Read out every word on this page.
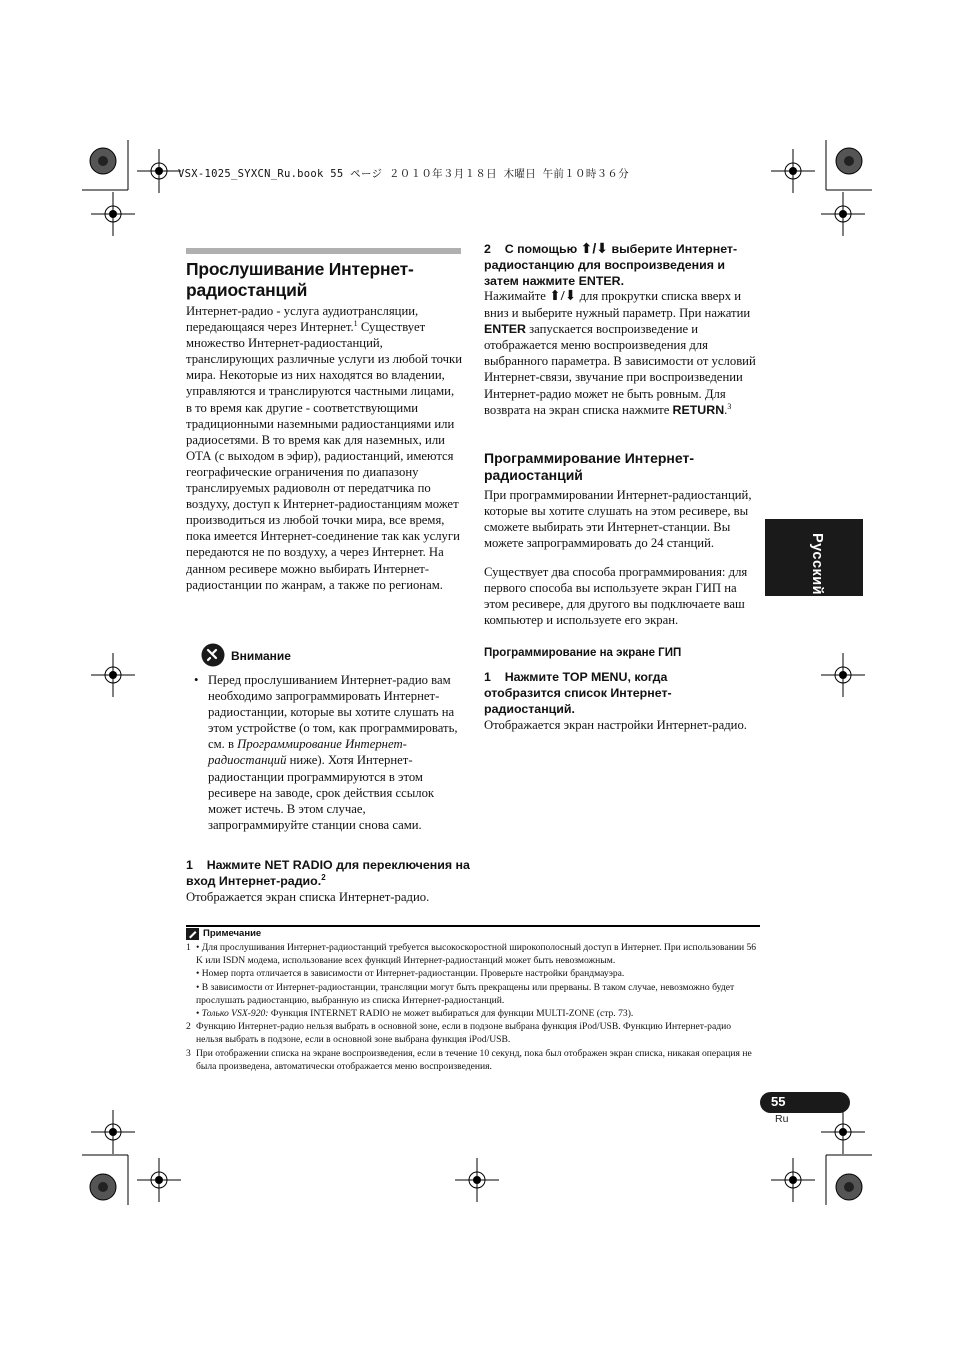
VSX-1025_SYXCN_Ru.book 55 ページ ２０１０年３月１８日 木曜日 午前１０時３６分
Прослушивание Интернет-
радиостанций

Интернет-радио - услуга аудиотрансляции, передающаяся через Интернет.$^1$ Существует множество Интернет-радиостанций, транслирующих различные услуги из любой точки мира. Некоторые из них находятся во владении, управляются и транслируются частными лицами, в то время как другие - соответствующими традиционными наземными радиостанциями или радиосетями. В то время как для наземных, или ОТА (с выходом в эфир), радиостанций, имеются географические ограничения по диапазону транслируемых радиоволн от передатчика по воздуху, доступ к Интернет-радиостанциям может производиться из любой точки мира, все время, пока имеется Интернет-соединение так как услуги передаются не по воздуху, а через Интернет. На данном ресивере можно выбирать Интернет-радиостанции по жанрам, а также по регионам.

Внимание
• Перед прослушиванием Интернет-радио вам необходимо запрограммировать Интернет-радиостанции, которые вы хотите слушать на этом устройстве (о том, как программировать, см. в Программирование Интернет-радиостанций ниже). Хотя Интернет-радиостанции программируются в этом ресивере на заводе, срок действия ссылок может истечь. В этом случае, запрограммируйте станции снова сами.
1 Нажмите NET RADIO для переключения на вход Интернет-радио.$^2$
Отображается экран списка Интернет-радио.
2 С помощью ⬆/⬇ выберите Интернет-радиостанцию для воспроизведения и затем нажмите ENTER.

Нажимайте ⬆/⬇ для прокрутки списка вверх и вниз и выберите нужный параметр. При нажатии ENTER запускается воспроизведение и отображается меню воспроизведения для выбранного параметра. В зависимости от условий Интернет-связи, звучание при воспроизведении Интернет-радио может не быть ровным. Для возврата на экран списка нажмите RETURN.$^3$

Программирование Интернет-радиостанций
При программировании Интернет-радиостанций, которые вы хотите слушать на этом ресивере, вы сможете выбирать эти Интернет-станции. Вы можете запрограммировать до 24 станций.
Существует два способа программирования: для первого способа вы используете экран ГИП на этом ресивере, для другого вы подключаете ваш компьютер и используете его экран.
Программирование на экране ГИП
1 Нажмите TOP MENU, когда отобразится список Интернет-радиостанций.
Отображается экран настройки Интернет-радио.
Русский
Примечание
1 • Для прослушивания Интернет-радиостанций требуется высокоскоростной широкополосный доступ в Интернет. При использовании 56 K или ISDN модема, использование всех функций Интернет-радиостанций может быть невозможным.
• Номер порта отличается в зависимости от Интернет-радиостанции. Проверьте настройки брандмауэра.
• В зависимости от Интернет-радиостанции, трансляции могут быть прекращены или прерваны. В таком случае, невозможно будет прослушать радиостанцию, выбранную из списка Интернет-радиостанций.
• Только VSX-920: Функция INTERNET RADIO не может выбираться для функции MULTI-ZONE (стр. 73).
2 Функцию Интернет-радио нельзя выбрать в основной зоне, если в подзоне выбрана функция iPod/USB. Функцию Интернет-радио нельзя выбрать в подзоне, если в основной зоне выбрана функция iPod/USB.
3 При отображении списка на экране воспроизведения, если в течение 10 секунд, пока был отображен экран списка, никакая операция не была произведена, автоматически отображается меню воспроизведения.
55
Ru
